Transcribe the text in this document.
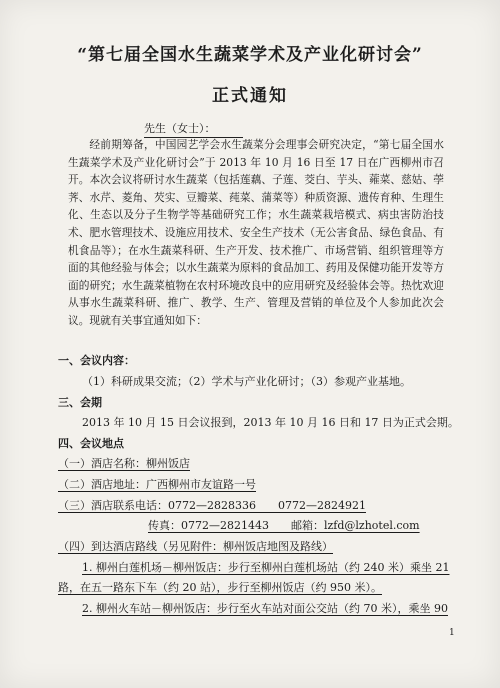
“第七届全国水生蔬菜学术及产业化研讨会”
正式通知
先生（女士）：
经前期筹备，中国园艺学会水生蔬菜分会理事会研究决定，“第七届全国水生蔬菜学术及产业化研讨会”于 2013 年 10 月 16 日至 17 日在广西柳州市召开。本次会议将研讨水生蔬菜（包括莲藕、子莲、茭白、芋头、蕹菜、慈姑、荸荠、水芹、菱角、芡实、豆瓣菜、莼菜、蒲菜等）种质资源、遗传育种、生理生化、生态以及分子生物学等基础研究工作；水生蔬菜栽培模式、病虫害防治技术、肥水管理技术、设施应用技术、安全生产技术（无公害食品、绿色食品、有机食品等）；在水生蔬菜科研、生产开发、技术推广、市场营销、组织管理等方面的其他经验与体会；以水生蔬菜为原料的食品加工、药用及保健功能开发等方面的研究；水生蔬菜植物在农村环境改良中的应用研究及经验体会等。热忱欢迎从事水生蔬菜科研、推广、教学、生产、管理及营销的单位及个人参加此次会议。现就有关事宜通知如下：
一、会议内容：
（1）科研成果交流；（2）学术与产业化研讨；（3）参观产业基地。
三、会期
2013 年 10 月 15 日会议报到，2013 年 10 月 16 日和 17 日为正式会期。
四、会议地点
（一）酒店名称：柳州饭店
（二）酒店地址：广西柳州市友谊路一号
（三）酒店联系电话：0772—2828336　　0772—2824921
传真：0772—2821443　　邮箱：lzfd@lzhotel.com
（四）到达酒店路线（另见附件：柳州饭店地图及路线）
1. 柳州白莲机场－柳州饭店：步行至柳州白莲机场站（约 240 米）乘坐 21
路，在五一路东下车（约 20 站），步行至柳州饭店（约 950 米）。
2. 柳州火车站－柳州饭店：步行至火车站对面公交站（约 70 米），乘坐 90
1
